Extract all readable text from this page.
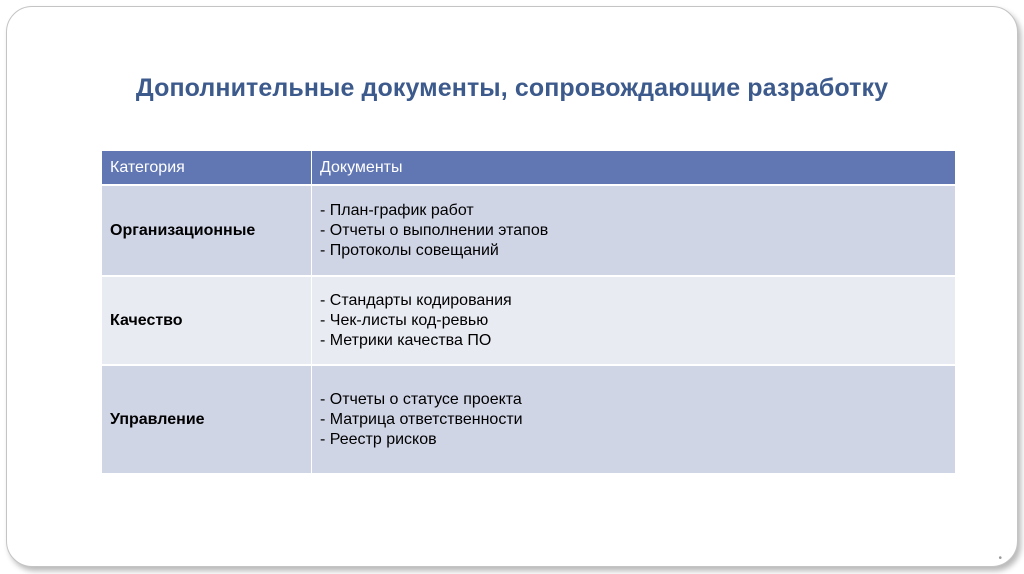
Дополнительные документы, сопровождающие разработку
Категория	Документы
Организационные	- План-график работ
- Отчеты о выполнении этапов
- Протоколы совещаний

Качество	- Стандарты кодирования
- Чек-листы код-ревью
- Метрики качества ПО

Управление	- Отчеты о статусе проекта
- Матрица ответственности
- Реестр рисков
•
